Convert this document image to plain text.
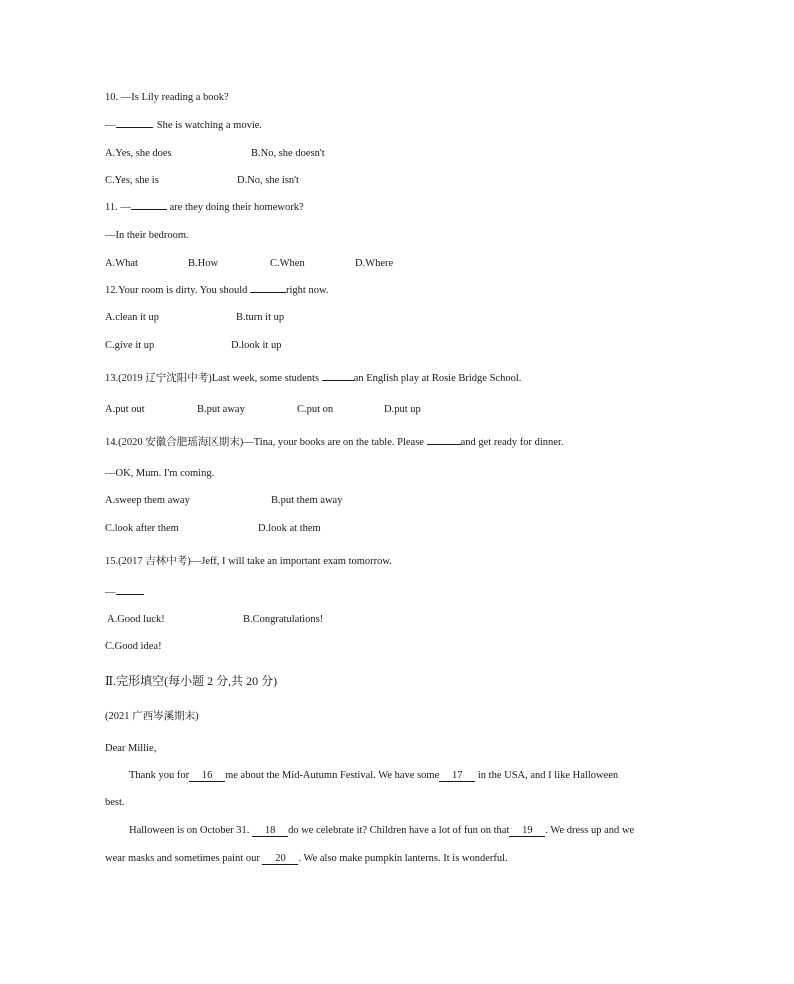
10. —Is Lily reading a book?
—	. She is watching a movie.
A.Yes, she does	B.No, she doesn't
C.Yes, she is	D.No, she isn't
11. —	are they doing their homework?
—In their bedroom.
A.What	B.How	C.When	D.Where
12.Your room is dirty. You should	right now.
A.clean it up	B.turn it up
C.give it up	D.look it up
13.(2019 辽宁沈阳中考)Last week, some students	an English play at Rosie Bridge School.
A.put out	B.put away	C.put on	D.put up
14.(2020 安徽合肥瑶海区期末)—Tina, your books are on the table. Please	and get ready for dinner.
—OK, Mum. I'm coming.
A.sweep them away	B.put them away
C.look after them	D.look at them
15.(2017 吉林中考)—Jeff, I will take an important exam tomorrow.
—
A.Good luck!	B.Congratulations!
C.Good idea!
Ⅱ.完形填空(每小题 2 分,共 20 分)
(2021 广西岑溪期末)
Dear Millie,
Thank you for 16 me about the Mid-Autumn Festival. We have some 17 in the USA, and I like Halloween
best.
Halloween is on October 31. 18 do we celebrate it? Children have a lot of fun on that 19 . We dress up and we
wear masks and sometimes paint our 20 . We also make pumpkin lanterns. It is wonderful.
